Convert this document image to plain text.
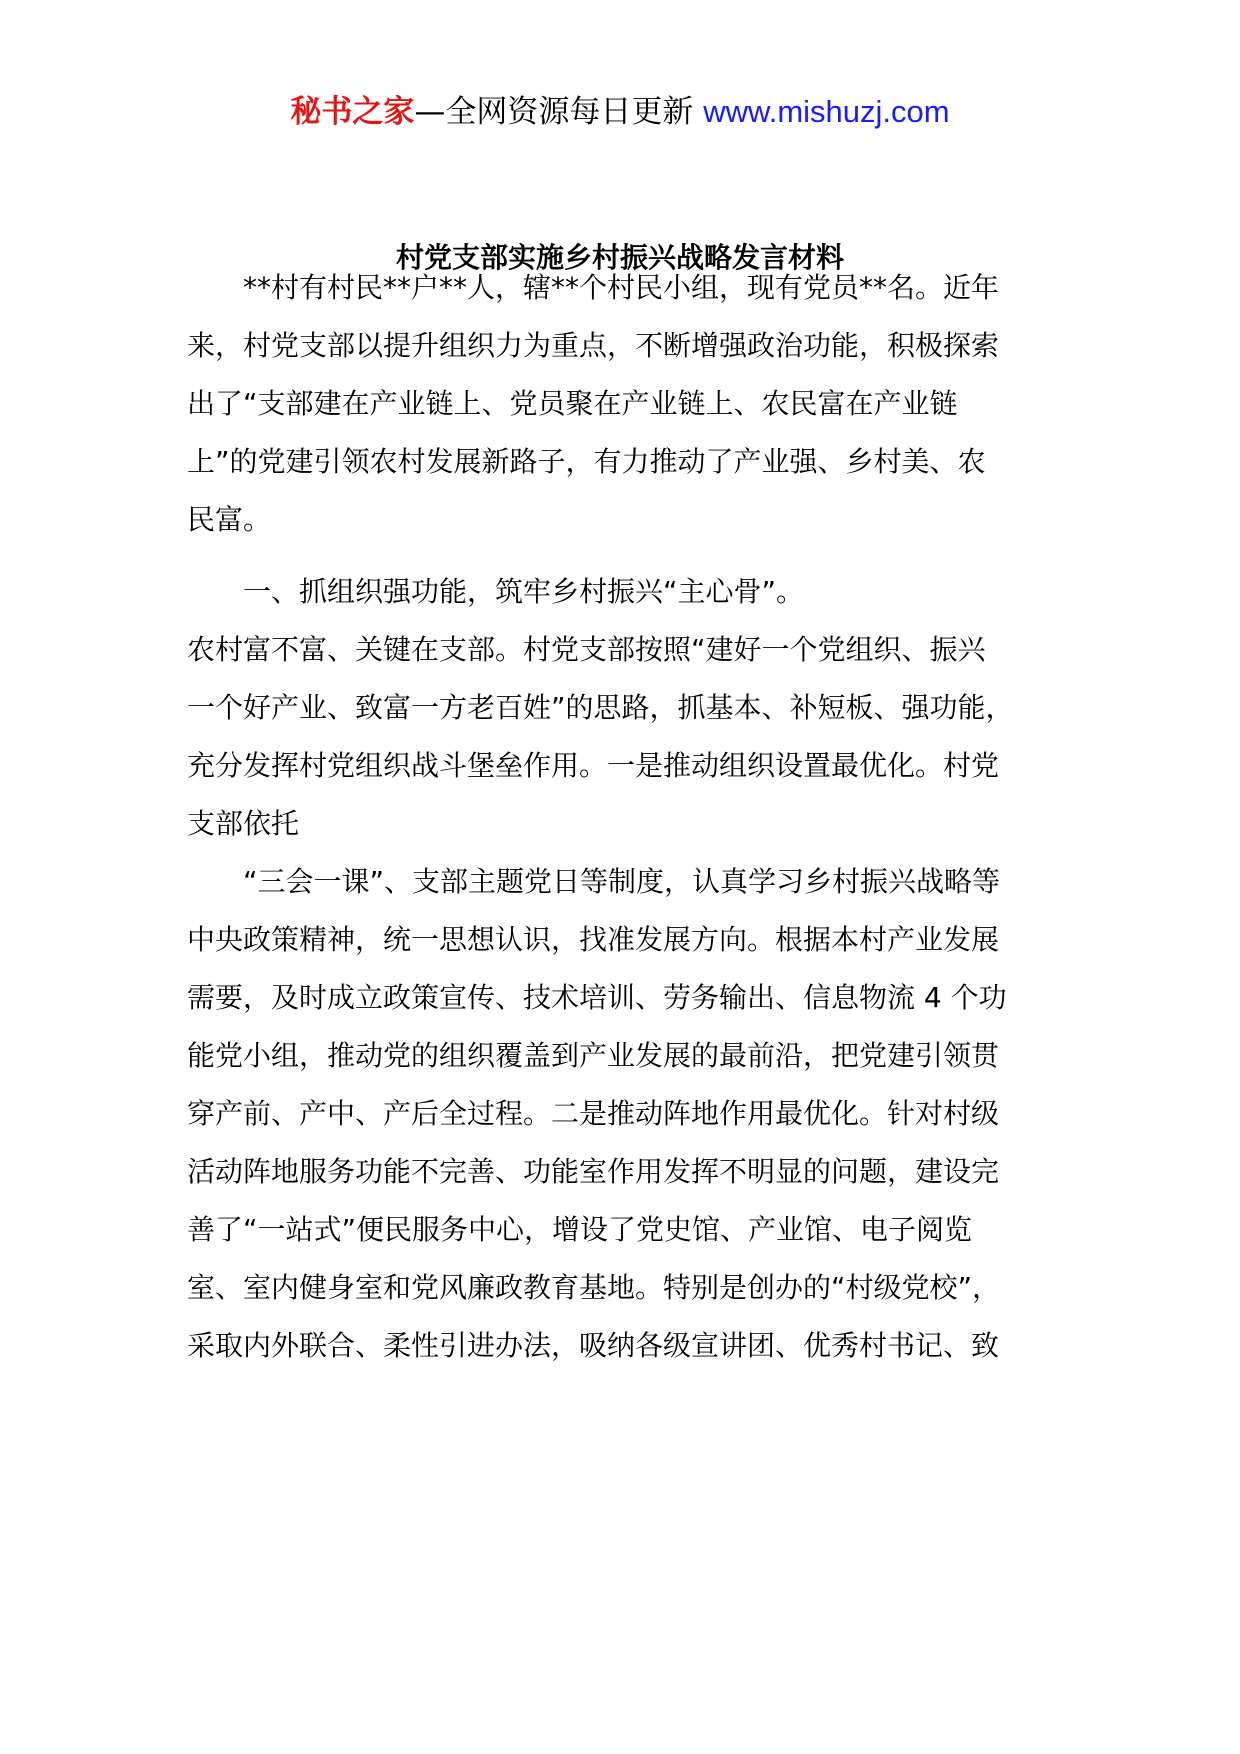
秘书之家—全网资源每日更新 www.mishuzj.com
村党支部实施乡村振兴战略发言材料

　　**村有村民**户**人，辖**个村民小组，现有党员**名。近年

来，村党支部以提升组织力为重点，不断增强政治功能，积极探索

出了“支部建在产业链上、党员聚在产业链上、农民富在产业链

上”的党建引领农村发展新路子，有力推动了产业强、乡村美、农

民富。

　　一、抓组织强功能，筑牢乡村振兴“主心骨”。

农村富不富、关键在支部。村党支部按照“建好一个党组织、振兴

一个好产业、致富一方老百姓”的思路，抓基本、补短板、强功能，

充分发挥村党组织战斗堡垒作用。一是推动组织设置最优化。村党

支部依托

　　“三会一课”、支部主题党日等制度，认真学习乡村振兴战略等

中央政策精神，统一思想认识，找准发展方向。根据本村产业发展

需要，及时成立政策宣传、技术培训、劳务输出、信息物流 4 个功

能党小组，推动党的组织覆盖到产业发展的最前沿，把党建引领贯

穿产前、产中、产后全过程。二是推动阵地作用最优化。针对村级

活动阵地服务功能不完善、功能室作用发挥不明显的问题，建设完

善了“一站式”便民服务中心，增设了党史馆、产业馆、电子阅览

室、室内健身室和党风廉政教育基地。特别是创办的“村级党校”，

采取内外联合、柔性引进办法，吸纳各级宣讲团、优秀村书记、致
